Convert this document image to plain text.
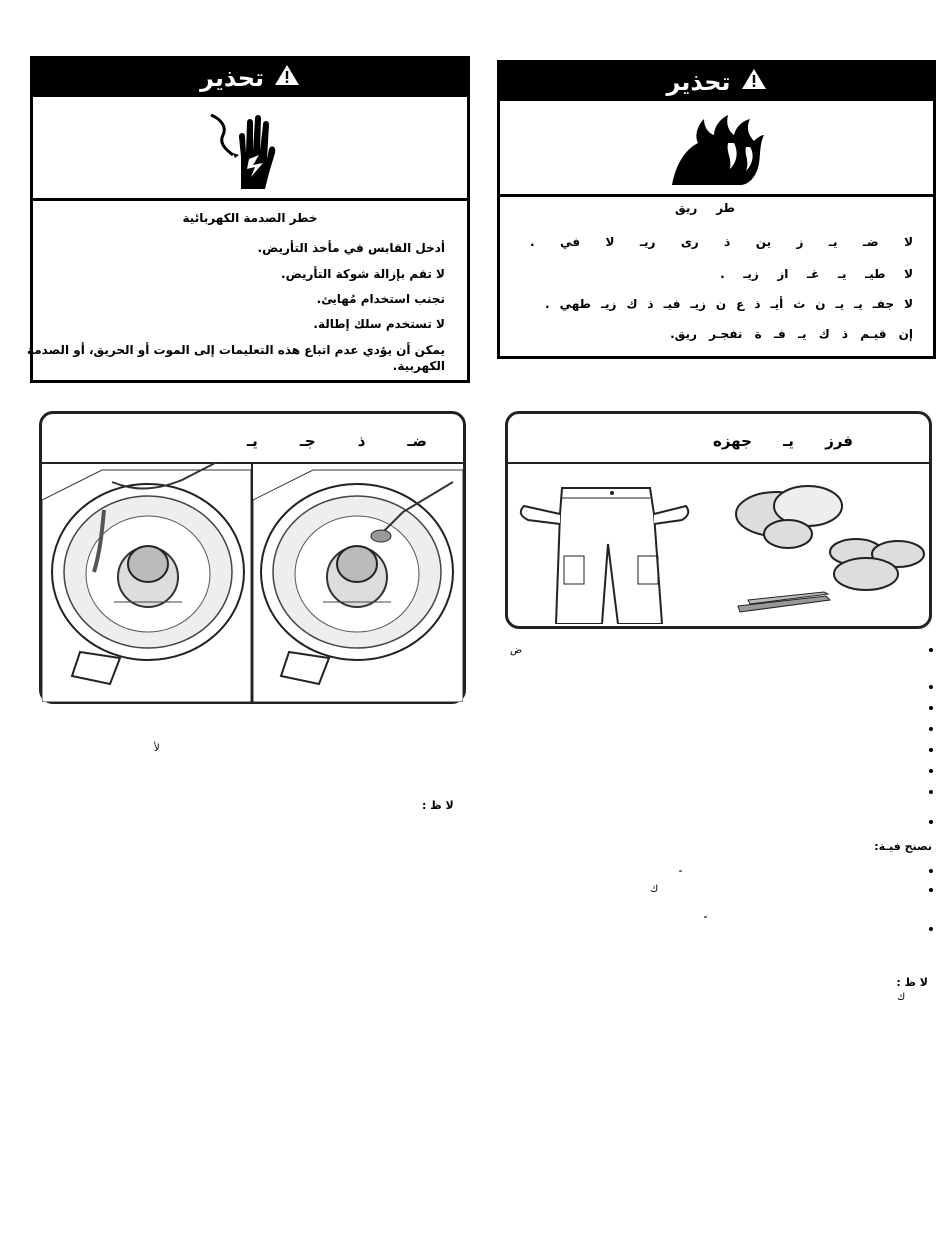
تحذير
خطر الصدمة الكهربائية
أدخل القابس في مأخذ التأريض.
لا تقم بإزالة شوكة التأريض.
تجنب استخدام مُهايئ.
لا تستخدم سلك إطالة.
يمكن أن يؤدي عدم اتباع هذه التعليمات إلى الموت أو الحريق، أو الصدمة
الكهربية.
تحذير
طر
ريق
لا
ضـ
يـ
ز
ين
ذ
رى
ريـ
لا
في
.
لا
طيـ
يـ
غـ
از
زيـ
.
لا
جفـ
يـ
يـ
ن
ث
أيـ
ذ
ع
ن
زيـ
فيـ
ذ
ك
زيـ
طهي
.
إن
قيـم
ذ
ك
يـ
فـ
ة
نفجـر
ريق.
ضـ
ذ
جـ
يـ	فرز
يـ
جهزه
ض
نصنح فيـة:
ك
لا ظ :
ك
لأ
لا ظ :
